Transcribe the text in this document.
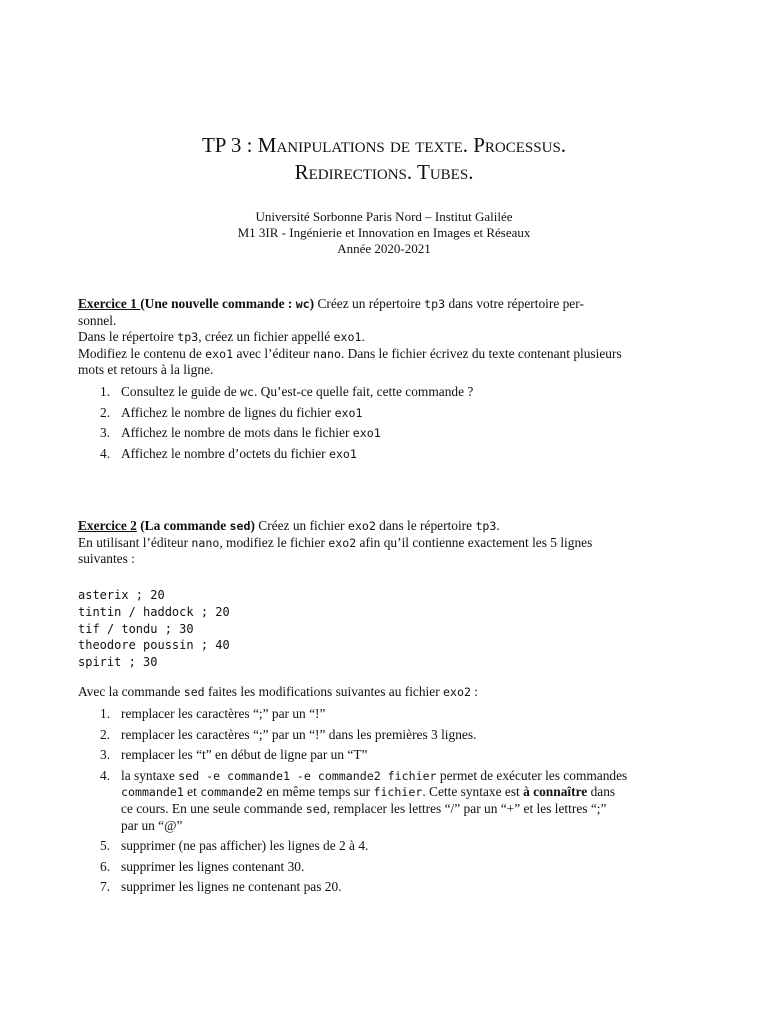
TP 3 : Manipulations de texte. Processus.
Redirections. Tubes.
Université Sorbonne Paris Nord – Institut Galilée
M1 3IR - Ingénierie et Innovation en Images et Réseaux
Année 2020-2021
Exercice 1 (Une nouvelle commande : wc) Créez un répertoire tp3 dans votre répertoire per-
sonnel.
Dans le répertoire tp3, créez un fichier appellé exo1.
Modifiez le contenu de exo1 avec l’éditeur nano. Dans le fichier écrivez du texte contenant plusieurs
mots et retours à la ligne.
1. Consultez le guide de wc. Qu’est-ce quelle fait, cette commande ?
2. Affichez le nombre de lignes du fichier exo1
3. Affichez le nombre de mots dans le fichier exo1
4. Affichez le nombre d’octets du fichier exo1
Exercice 2 (La commande sed) Créez un fichier exo2 dans le répertoire tp3.
En utilisant l’éditeur nano, modifiez le fichier exo2 afin qu’il contienne exactement les 5 lignes
suivantes :
asterix ; 20
tintin / haddock ; 20
tif / tondu ; 30
theodore poussin ; 40
spirit ; 30
Avec la commande sed faites les modifications suivantes au fichier exo2 :
1. remplacer les caractères “;” par un “!”
2. remplacer les caractères “;” par un “!” dans les premières 3 lignes.
3. remplacer les “t” en début de ligne par un “T”
4. la syntaxe sed -e commande1 -e commande2 fichier permet de exécuter les commandes
commande1 et commande2 en même temps sur fichier. Cette syntaxe est à connaître dans
ce cours. En une seule commande sed, remplacer les lettres “/” par un “+” et les lettres “;”
par un “@”
5. supprimer (ne pas afficher) les lignes de 2 à 4.
6. supprimer les lignes contenant 30.
7. supprimer les lignes ne contenant pas 20.
